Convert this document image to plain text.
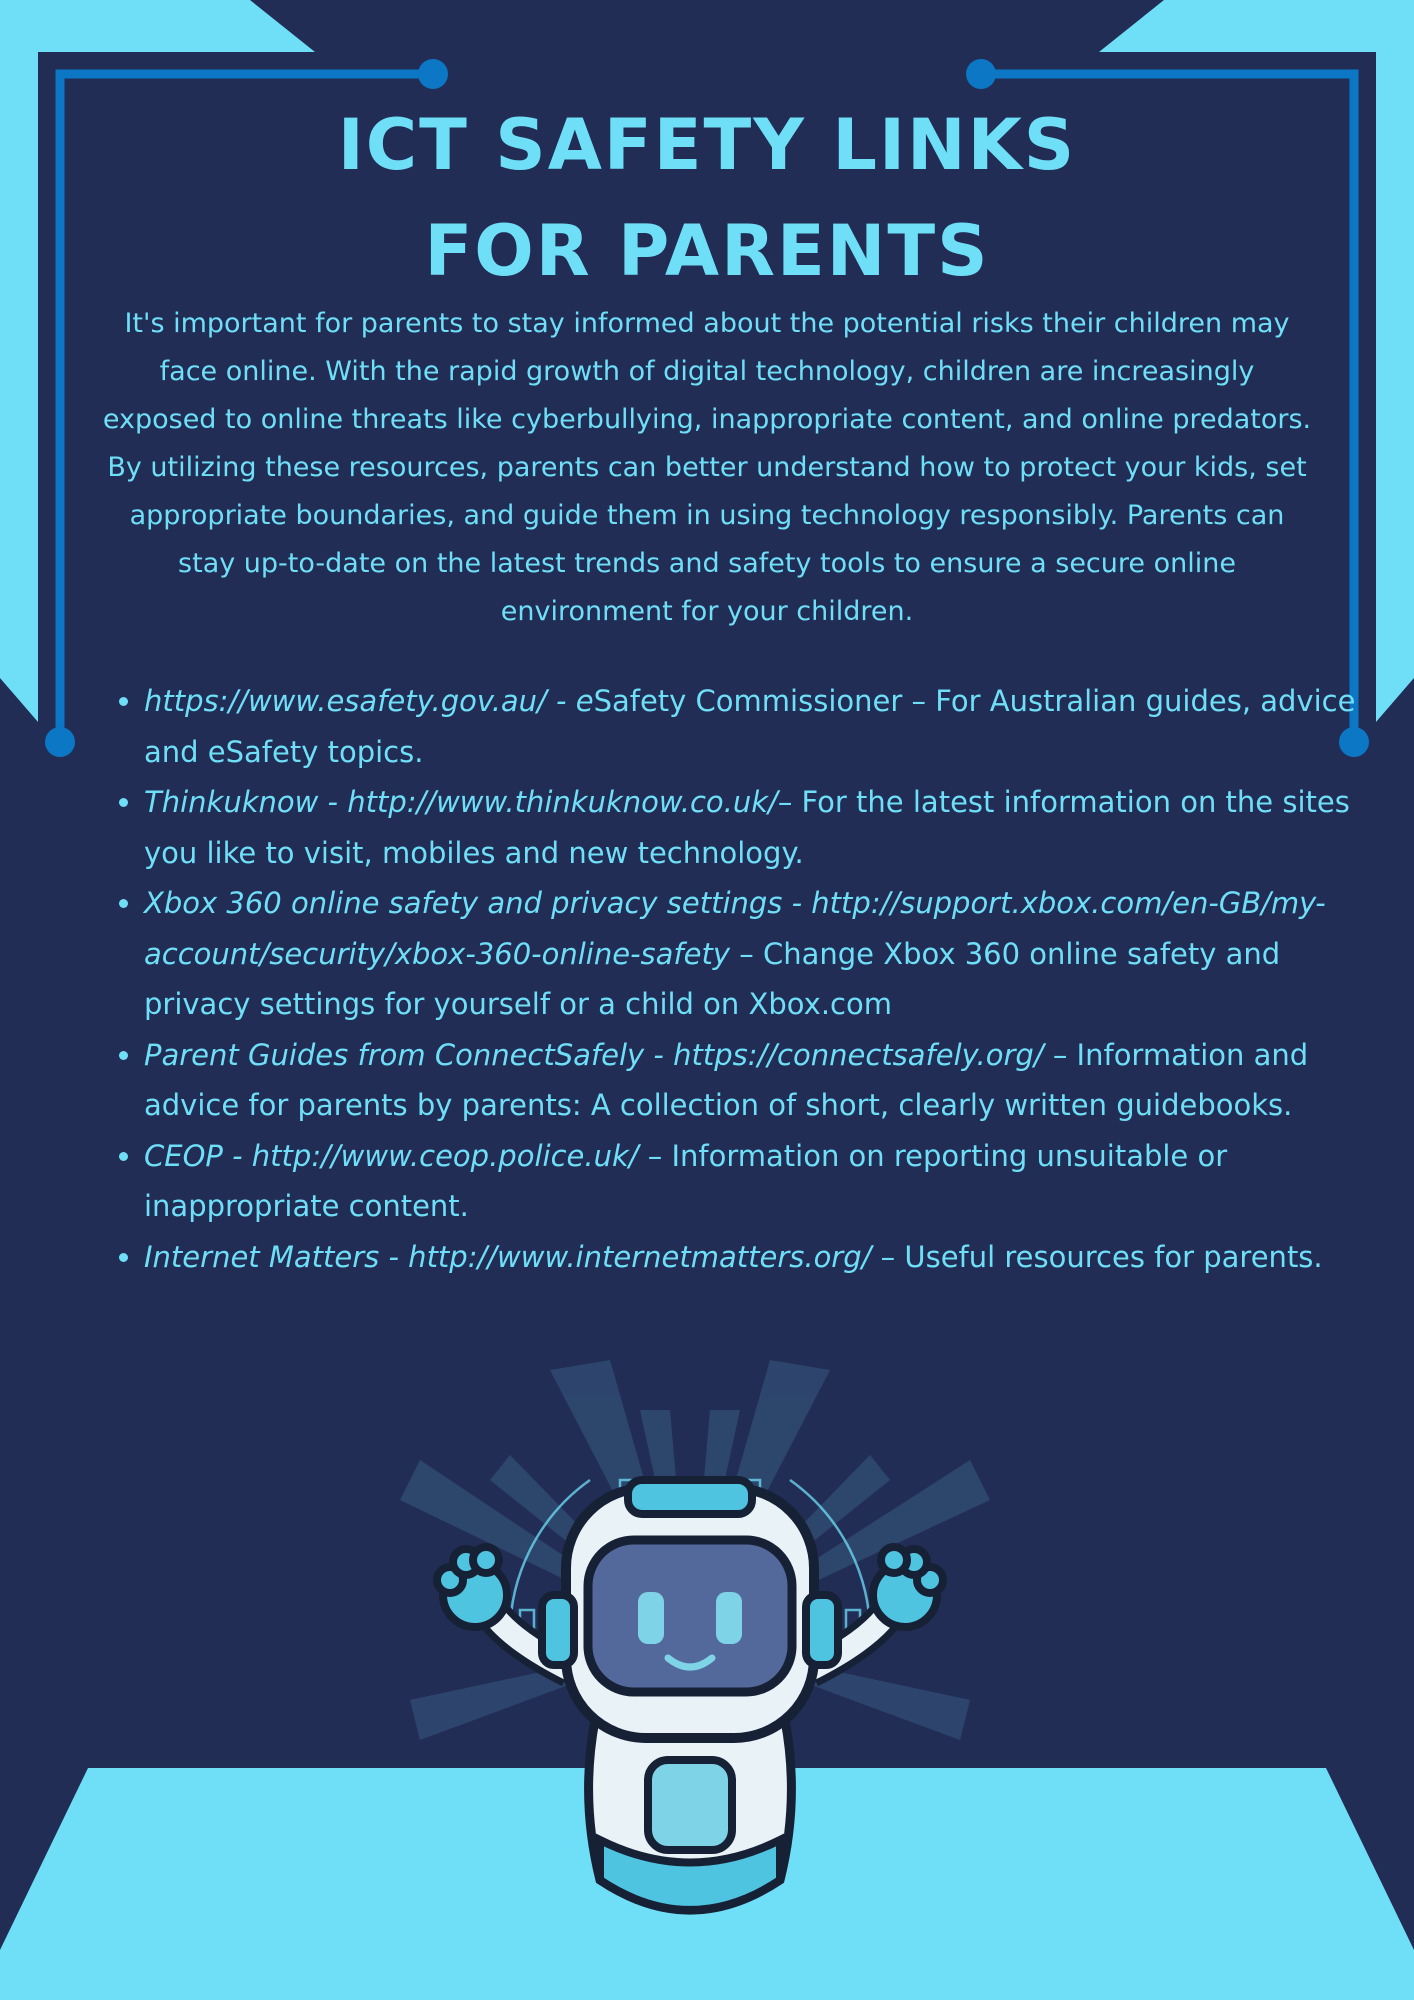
ICT SAFETY LINKS
FOR PARENTS

It's important for parents to stay informed about the potential risks their children may face online. With the rapid growth of digital technology, children are increasingly exposed to online threats like cyberbullying, inappropriate content, and online predators. By utilizing these resources, parents can better understand how to protect your kids, set appropriate boundaries, and guide them in using technology responsibly. Parents can stay up-to-date on the latest trends and safety tools to ensure a secure online environment for your children.

• https://www.esafety.gov.au/ - eSafety Commissioner – For Australian guides, advice and eSafety topics.
• Thinkuknow - http://www.thinkuknow.co.uk/– For the latest information on the sites you like to visit, mobiles and new technology.
• Xbox 360 online safety and privacy settings - http://support.xbox.com/en-GB/my-account/security/xbox-360-online-safety – Change Xbox 360 online safety and privacy settings for yourself or a child on Xbox.com
• Parent Guides from ConnectSafely - https://connectsafely.org/ – Information and advice for parents by parents: A collection of short, clearly written guidebooks.
• CEOP - http://www.ceop.police.uk/ – Information on reporting unsuitable or inappropriate content.
• Internet Matters - http://www.internetmatters.org/ – Useful resources for parents.
